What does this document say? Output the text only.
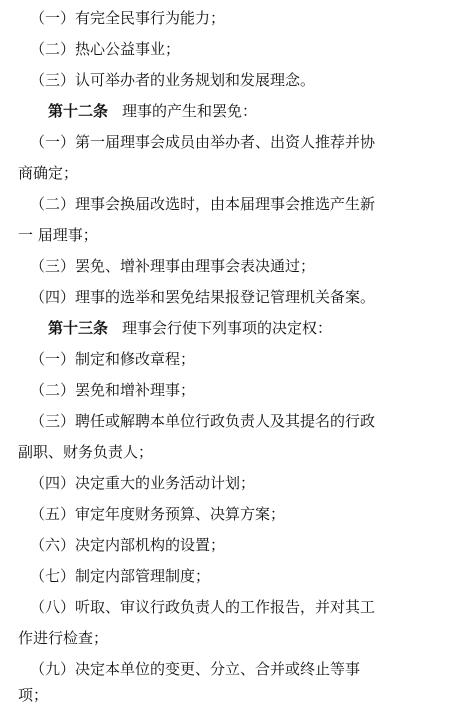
（一）有完全民事行为能力；
（二）热心公益事业；
（三）认可举办者的业务规划和发展理念。
第十二条 理事的产生和罢免：
（一）第一届理事会成员由举办者、出资人推荐并协
商确定；
（二）理事会换届改选时，由本届理事会推选产生新
一 届理事；
（三）罢免、增补理事由理事会表决通过；
（四）理事的选举和罢免结果报登记管理机关备案。
第十三条 理事会行使下列事项的决定权：
（一）制定和修改章程；
（二）罢免和增补理事；
（三）聘任或解聘本单位行政负责人及其提名的行政
副职、财务负责人；
（四）决定重大的业务活动计划；
（五）审定年度财务预算、决算方案；
（六）决定内部机构的设置；
（七）制定内部管理制度；
（八）听取、审议行政负责人的工作报告，并对其工
作进行检查；
（九）决定本单位的变更、分立、合并或终止等事
项；
